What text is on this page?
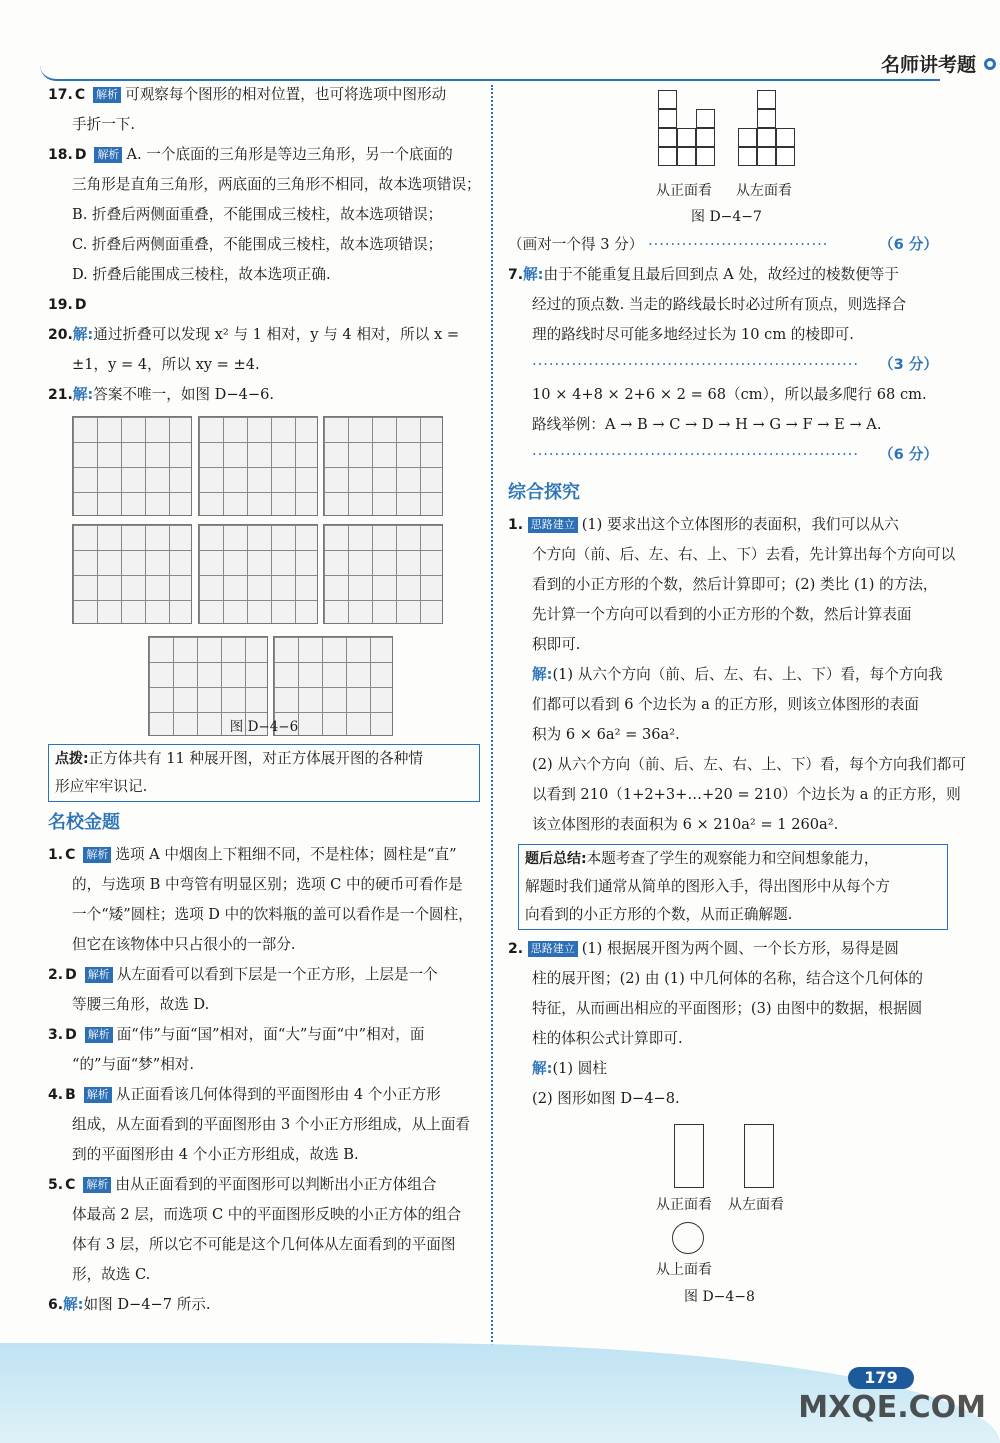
名师讲考题
17. C 解析 可观察每个图形的相对位置，也可将选项中图形动
手折一下.
18. D 解析 A. 一个底面的三角形是等边三角形，另一个底面的
三角形是直角三角形，两底面的三角形不相同，故本选项错误；
B. 折叠后两侧面重叠，不能围成三棱柱，故本选项错误；
C. 折叠后两侧面重叠，不能围成三棱柱，故本选项错误；
D. 折叠后能围成三棱柱，故本选项正确.
19. D
20.解:通过折叠可以发现 x² 与 1 相对，y 与 4 相对，所以 x =
±1，y = 4，所以 xy = ±4.
21.解:答案不唯一，如图 D−4−6.
图 D−4−6
点拨:正方体共有 11 种展开图，对正方体展开图的各种情
形应牢牢识记.
名校金题
1. C 解析 选项 A 中烟囱上下粗细不同，不是柱体；圆柱是“直”
的，与选项 B 中弯管有明显区别；选项 C 中的硬币可看作是
一个“矮”圆柱；选项 D 中的饮料瓶的盖可以看作是一个圆柱，
但它在该物体中只占很小的一部分.
2. D 解析 从左面看可以看到下层是一个正方形，上层是一个
等腰三角形，故选 D.
3. D 解析 面“伟”与面“国”相对，面“大”与面“中”相对，面
“的”与面“梦”相对.
4. B 解析 从正面看该几何体得到的平面图形由 4 个小正方形
组成，从左面看到的平面图形由 3 个小正方形组成，从上面看
到的平面图形由 4 个小正方形组成，故选 B.
5. C 解析 由从正面看到的平面图形可以判断出小正方体组合
体最高 2 层，而选项 C 中的平面图形反映的小正方体的组合
体有 3 层，所以它不可能是这个几何体从左面看到的平面图
形，故选 C.
6.解:如图 D−4−7 所示.
从正面看 从左面看
图 D−4−7
（画对一个得 3 分） ································	（6 分）
7.解:由于不能重复且最后回到点 A 处，故经过的棱数便等于
经过的顶点数. 当走的路线最长时必过所有顶点，则选择合
理的路线时尽可能多地经过长为 10 cm 的棱即可.
·························································· （3 分）
10 × 4+8 × 2+6 × 2 = 68（cm），所以最多爬行 68 cm.
路线举例：A → B → C → D → H → G → F → E → A.
·························································· （6 分）
综合探究
1. 思路建立 (1) 要求出这个立体图形的表面积，我们可以从六
个方向（前、后、左、右、上、下）去看，先计算出每个方向可以
看到的小正方形的个数，然后计算即可；(2) 类比 (1) 的方法，
先计算一个方向可以看到的小正方形的个数，然后计算表面
积即可.
解:(1) 从六个方向（前、后、左、右、上、下）看，每个方向我
们都可以看到 6 个边长为 a 的正方形，则该立体图形的表面
积为 6 × 6a² = 36a².
(2) 从六个方向（前、后、左、右、上、下）看，每个方向我们都可
以看到 210（1+2+3+…+20 = 210）个边长为 a 的正方形，则
该立体图形的表面积为 6 × 210a² = 1 260a².
题后总结:本题考查了学生的观察能力和空间想象能力，
解题时我们通常从简单的图形入手，得出图形中从每个方
向看到的小正方形的个数，从而正确解题.
2. 思路建立 (1) 根据展开图为两个圆、一个长方形，易得是圆
柱的展开图；(2) 由 (1) 中几何体的名称，结合这个几何体的
特征，从而画出相应的平面图形；(3) 由图中的数据，根据圆
柱的体积公式计算即可.
解:(1) 圆柱
(2) 图形如图 D−4−8.
从正面看 从左面看
从上面看
图 D−4−8
179
MXQE.COM
